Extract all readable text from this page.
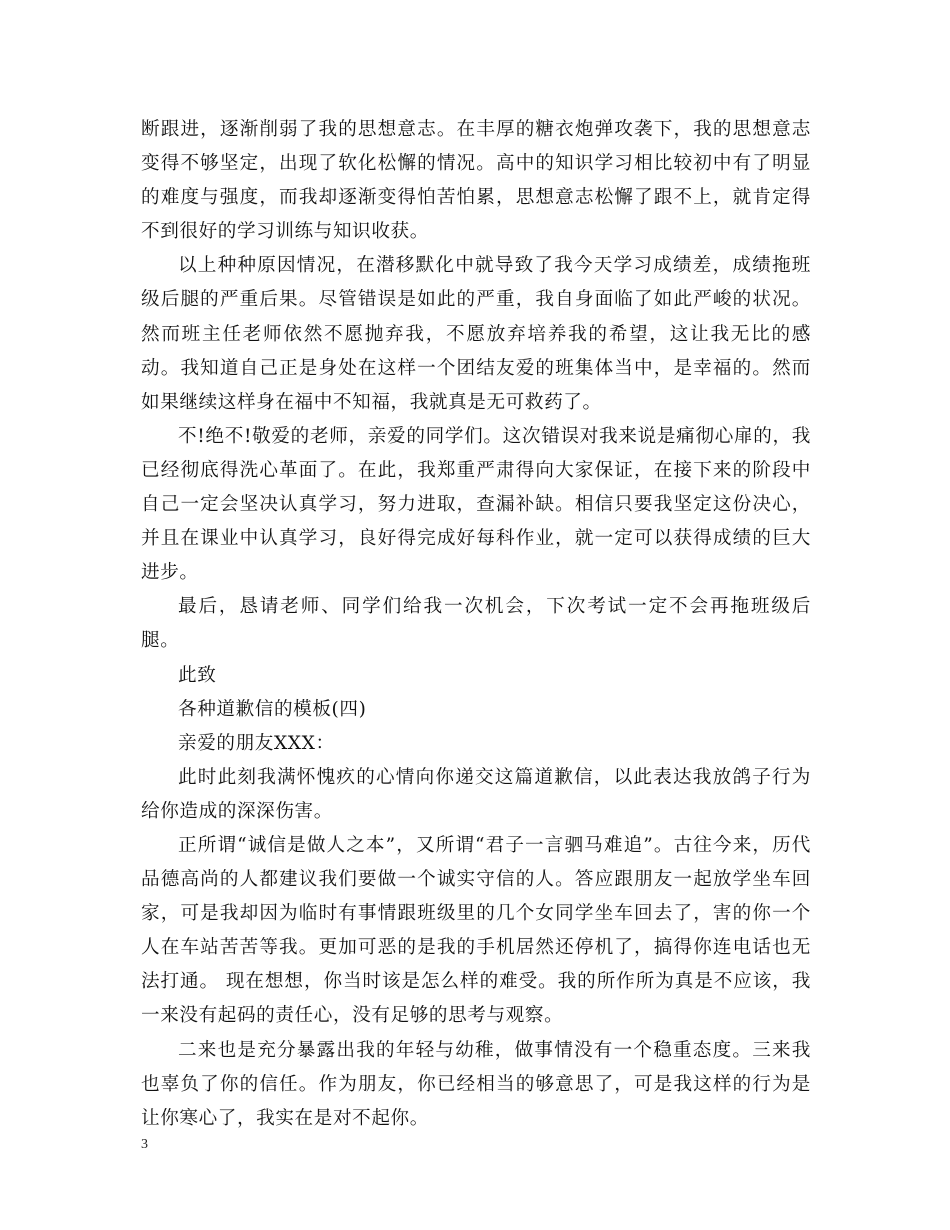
断跟进，逐渐削弱了我的思想意志。在丰厚的糖衣炮弹攻袭下，我的思想意志变得不够坚定，出现了软化松懈的情况。高中的知识学习相比较初中有了明显的难度与强度，而我却逐渐变得怕苦怕累，思想意志松懈了跟不上，就肯定得不到很好的学习训练与知识收获。

以上种种原因情况，在潜移默化中就导致了我今天学习成绩差，成绩拖班级后腿的严重后果。尽管错误是如此的严重，我自身面临了如此严峻的状况。然而班主任老师依然不愿抛弃我，不愿放弃培养我的希望，这让我无比的感动。我知道自己正是身处在这样一个团结友爱的班集体当中，是幸福的。然而如果继续这样身在福中不知福，我就真是无可救药了。

不!绝不!敬爱的老师，亲爱的同学们。这次错误对我来说是痛彻心扉的，我已经彻底得洗心革面了。在此，我郑重严肃得向大家保证，在接下来的阶段中自己一定会坚决认真学习，努力进取，查漏补缺。相信只要我坚定这份决心，并且在课业中认真学习，良好得完成好每科作业，就一定可以获得成绩的巨大进步。

最后，恳请老师、同学们给我一次机会，下次考试一定不会再拖班级后腿。

此致

各种道歉信的模板(四)

亲爱的朋友XXX：

此时此刻我满怀愧疚的心情向你递交这篇道歉信，以此表达我放鸽子行为给你造成的深深伤害。

正所谓“诚信是做人之本”，又所谓“君子一言驷马难追”。古往今来，历代品德高尚的人都建议我们要做一个诚实守信的人。答应跟朋友一起放学坐车回家，可是我却因为临时有事情跟班级里的几个女同学坐车回去了，害的你一个人在车站苦苦等我。更加可恶的是我的手机居然还停机了，搞得你连电话也无法打通。 现在想想，你当时该是怎么样的难受。我的所作所为真是不应该，我一来没有起码的责任心，没有足够的思考与观察。

二来也是充分暴露出我的年轻与幼稚，做事情没有一个稳重态度。三来我也辜负了你的信任。作为朋友，你已经相当的够意思了，可是我这样的行为是让你寒心了，我实在是对不起你。

3
